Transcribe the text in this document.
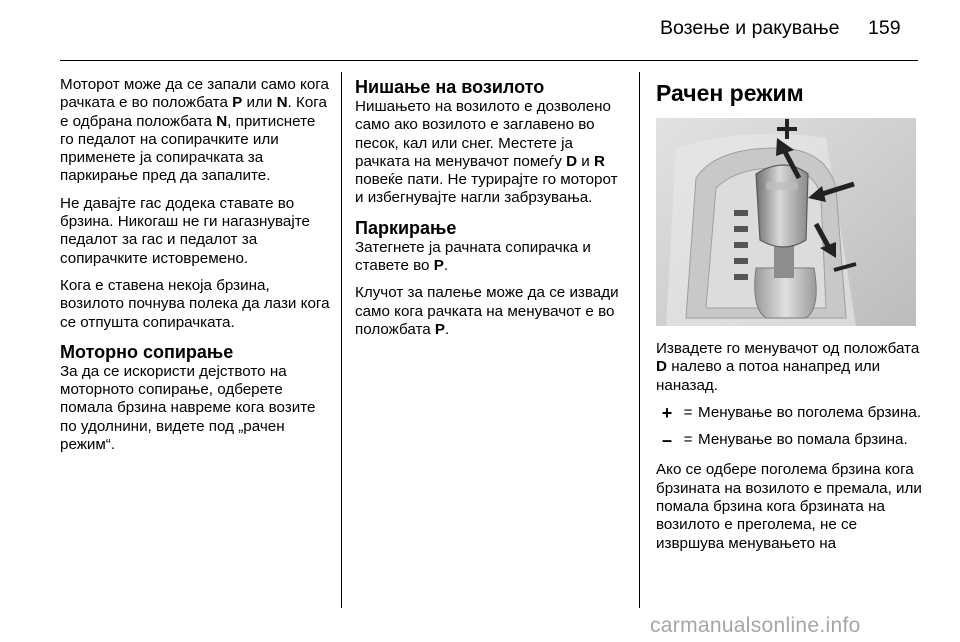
Возење и ракување 159

Моторот може да се запали само кога рачката е во положбата P или N. Кога е одбрана положбата N, притиснете го педалот на сопирачките или применете ја сопирачката за паркирање пред да запалите.

Не давајте гас додека ставате во брзина. Никогаш не ги нагазнувајте педалот за гас и педалот за сопирачките истовремено.

Кога е ставена некоја брзина, возилото почнува полека да лази кога се отпушта сопирачката.

Моторно сопирање

За да се искористи дејството на моторното сопирање, одберете помала брзина навреме кога возите по удолнини, видете под „рачен режим“.

Нишање на возилото

Нишањето на возилото е дозволено само ако возилото е заглавено во песок, кал или снег. Местете ја рачката на менувачот помеѓу D и R повеќе пати. Не турирајте го моторот и избегнувајте нагли забрзувања.

Паркирање

Затегнете ја рачната сопирачка и ставете во P.

Клучот за палење може да се извади само кога рачката на менувачот е во положбата P.

Рачен режим

Извадете го менувачот од положбата D налево а потоа нанапред или наназад.

+ = Менување во поголема брзина.
– = Менување во помала брзина.

Ако се одбере поголема брзина кога брзината на возилото е премала, или помала брзина кога брзината на возилото е преголема, не се извршува менувањето на

carmanualsonline.info
